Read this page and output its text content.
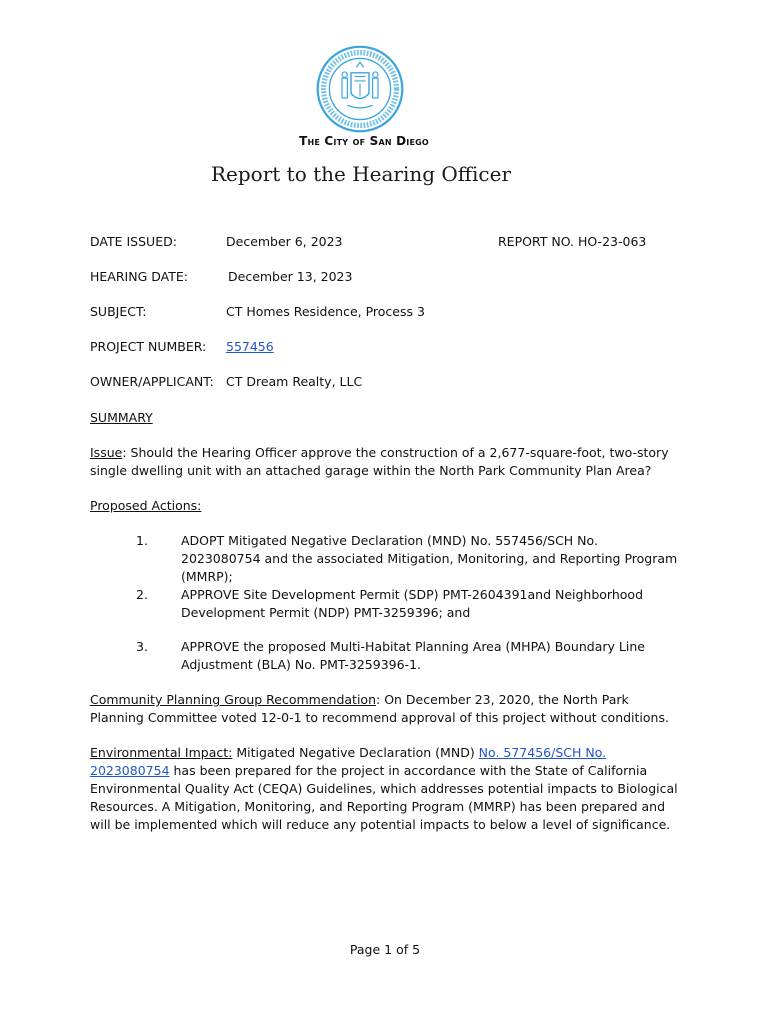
The City of San Diego
Report to the Hearing Officer
DATE ISSUED:	December 6, 2023	REPORT NO. HO-23-063
HEARING DATE:	December 13, 2023
SUBJECT:	CT Homes Residence, Process 3
PROJECT NUMBER: 557456
OWNER/APPLICANT: CT Dream Realty, LLC
SUMMARY
Issue: Should the Hearing Officer approve the construction of a 2,677-square-foot, two-story single dwelling unit with an attached garage within the North Park Community Plan Area?
Proposed Actions:
1.	ADOPT Mitigated Negative Declaration (MND) No. 557456/SCH No. 2023080754 and the associated Mitigation, Monitoring, and Reporting Program (MMRP);
2.	APPROVE Site Development Permit (SDP) PMT-2604391and Neighborhood Development Permit (NDP) PMT-3259396; and
3.	APPROVE the proposed Multi-Habitat Planning Area (MHPA) Boundary Line Adjustment (BLA) No. PMT-3259396-1.
Community Planning Group Recommendation: On December 23, 2020, the North Park Planning Committee voted 12-0-1 to recommend approval of this project without conditions.
Environmental Impact: Mitigated Negative Declaration (MND) No. 577456/SCH No. 2023080754 has been prepared for the project in accordance with the State of California Environmental Quality Act (CEQA) Guidelines, which addresses potential impacts to Biological Resources. A Mitigation, Monitoring, and Reporting Program (MMRP) has been prepared and will be implemented which will reduce any potential impacts to below a level of significance.
Page 1 of 5
